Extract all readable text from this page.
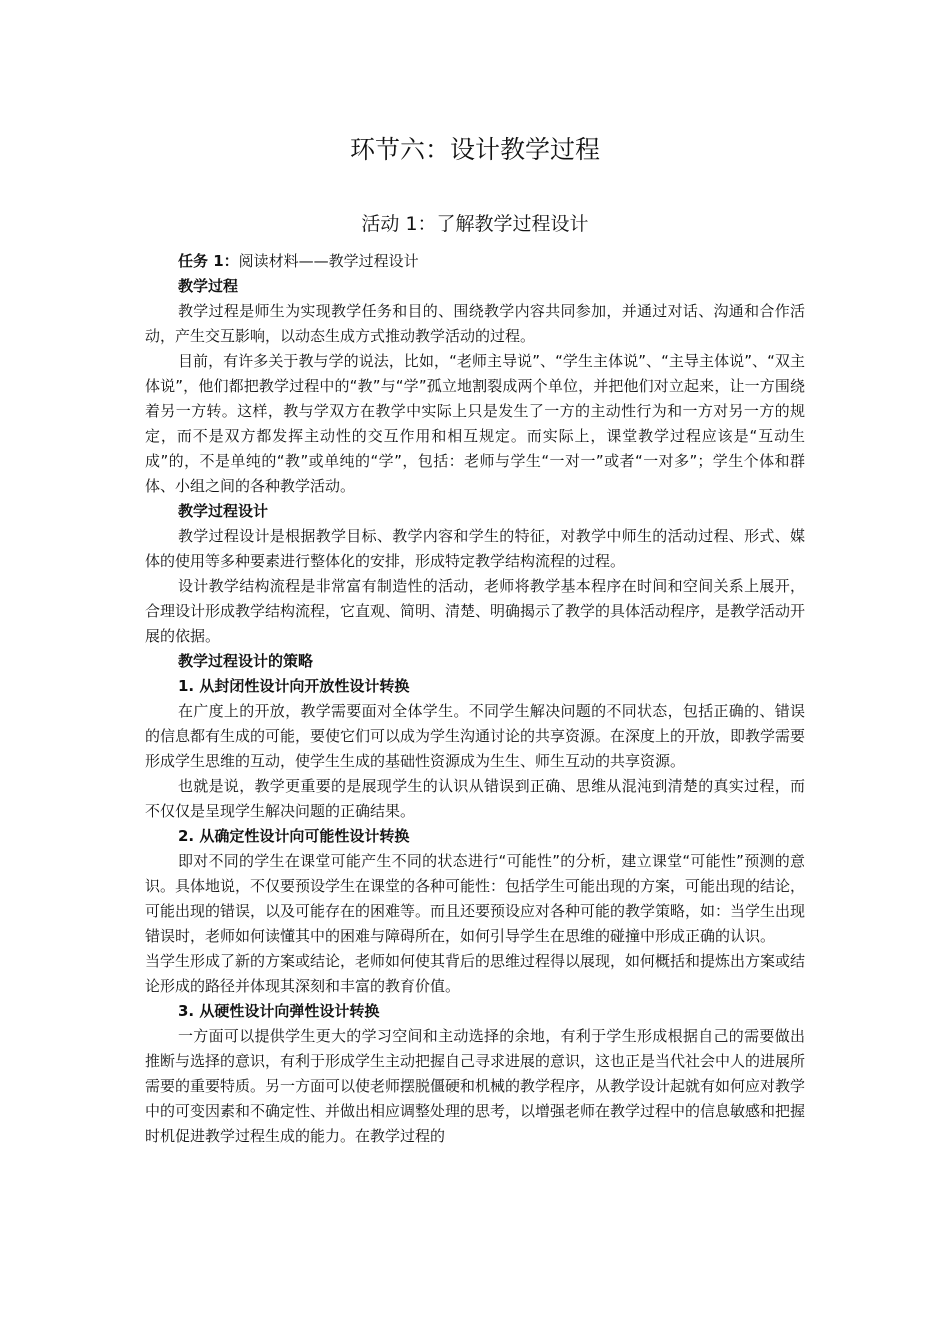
环节六：设计教学过程
活动 1：了解教学过程设计

任务 1：阅读材料——教学过程设计

教学过程

教学过程是师生为实现教学任务和目的、围绕教学内容共同参加，并通过对话、沟通和合作活动，产生交互影响，以动态生成方式推动教学活动的过程。

目前，有许多关于教与学的说法，比如，“老师主导说”、“学生主体说”、“主导主体说”、“双主体说”，他们都把教学过程中的“教”与“学”孤立地割裂成两个单位，并把他们对立起来，让一方围绕着另一方转。这样，教与学双方在教学中实际上只是发生了一方的主动性行为和一方对另一方的规定，而不是双方都发挥主动性的交互作用和相互规定。而实际上，课堂教学过程应该是“互动生成”的，不是单纯的“教”或单纯的“学”，包括：老师与学生“一对一”或者“一对多”；学生个体和群体、小组之间的各种教学活动。

教学过程设计

教学过程设计是根据教学目标、教学内容和学生的特征，对教学中师生的活动过程、形式、媒体的使用等多种要素进行整体化的安排，形成特定教学结构流程的过程。

设计教学结构流程是非常富有制造性的活动，老师将教学基本程序在时间和空间关系上展开，合理设计形成教学结构流程，它直观、简明、清楚、明确揭示了教学的具体活动程序，是教学活动开展的依据。

教学过程设计的策略

1. 从封闭性设计向开放性设计转换

在广度上的开放，教学需要面对全体学生。不同学生解决问题的不同状态，包括正确的、错误的信息都有生成的可能，要使它们可以成为学生沟通讨论的共享资源。在深度上的开放，即教学需要形成学生思维的互动，使学生生成的基础性资源成为生生、师生互动的共享资源。

也就是说，教学更重要的是展现学生的认识从错误到正确、思维从混沌到清楚的真实过程，而不仅仅是呈现学生解决问题的正确结果。

2. 从确定性设计向可能性设计转换

即对不同的学生在课堂可能产生不同的状态进行“可能性”的分析，建立课堂“可能性”预测的意识。具体地说，不仅要预设学生在课堂的各种可能性：包括学生可能出现的方案，可能出现的结论，可能出现的错误，以及可能存在的困难等。而且还要预设应对各种可能的教学策略，如：当学生出现错误时，老师如何读懂其中的困难与障碍所在，如何引导学生在思维的碰撞中形成正确的认识。

当学生形成了新的方案或结论，老师如何使其背后的思维过程得以展现，如何概括和提炼出方案或结论形成的路径并体现其深刻和丰富的教育价值。

3. 从硬性设计向弹性设计转换

一方面可以提供学生更大的学习空间和主动选择的余地，有利于学生形成根据自己的需要做出推断与选择的意识，有利于形成学生主动把握自己寻求进展的意识，这也正是当代社会中人的进展所需要的重要特质。另一方面可以使老师摆脱僵硬和机械的教学程序，从教学设计起就有如何应对教学中的可变因素和不确定性、并做出相应调整处理的思考，以增强老师在教学过程中的信息敏感和把握时机促进教学过程生成的能力。在教学过程的
